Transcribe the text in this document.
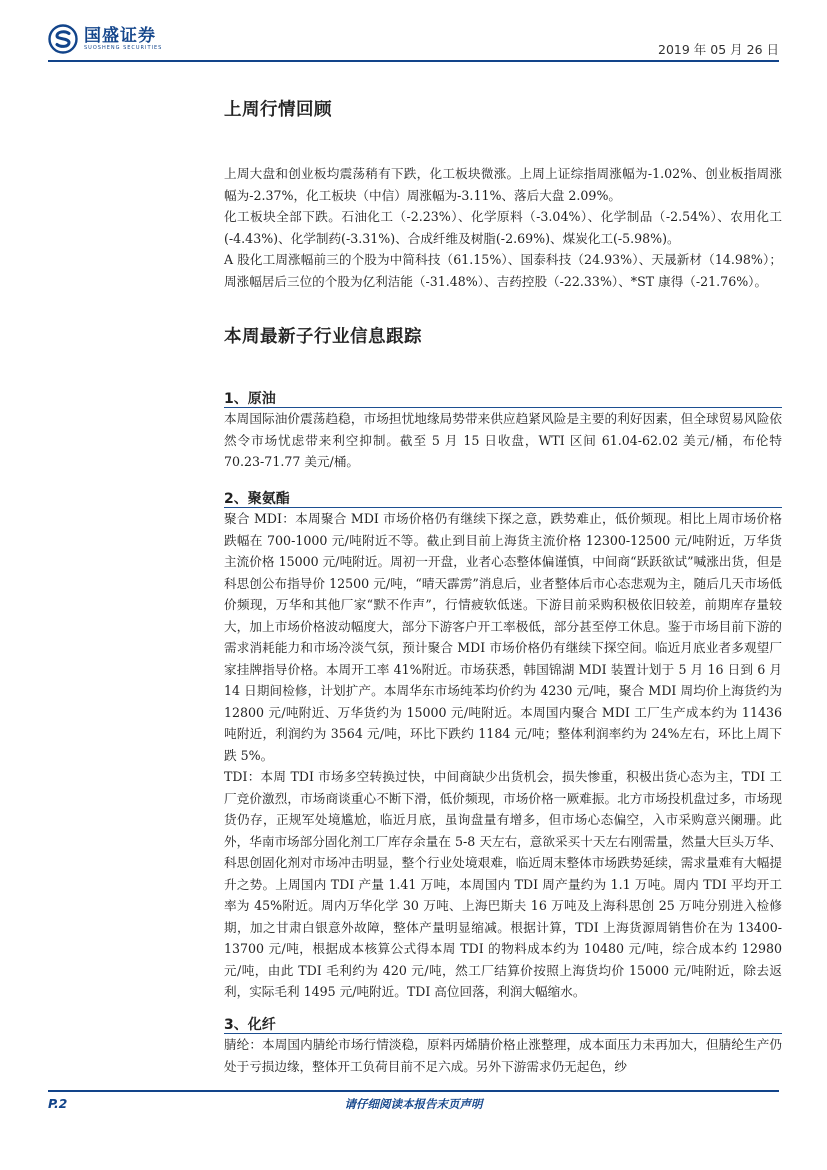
国盛证券
SUOSHENG SECURITIES	2019 年 05 月 26 日
上周行情回顾

上周大盘和创业板均震荡稍有下跌，化工板块微涨。上周上证综指周涨幅为-1.02%、创业板指周涨幅为-2.37%，化工板块（中信）周涨幅为-3.11%、落后大盘 2.09%。

化工板块全部下跌。石油化工（-2.23%）、化学原料（-3.04%）、化学制品（-2.54%）、农用化工(-4.43%)、化学制药(-3.31%)、合成纤维及树脂(-2.69%)、煤炭化工(-5.98%)。

A 股化工周涨幅前三的个股为中简科技（61.15%）、国泰科技（24.93%）、天晟新材（14.98%）；周涨幅居后三位的个股为亿利洁能（-31.48%）、吉药控股（-22.33%）、*ST 康得（-21.76%）。

本周最新子行业信息跟踪
1、原油

本周国际油价震荡趋稳，市场担忧地缘局势带来供应趋紧风险是主要的利好因素，但全球贸易风险依然令市场忧虑带来利空抑制。截至 5 月 15 日收盘，WTI 区间 61.04-62.02 美元/桶，布伦特 70.23-71.77 美元/桶。

2、聚氨酯

聚合 MDI：本周聚合 MDI 市场价格仍有继续下探之意，跌势难止，低价频现。相比上周市场价格跌幅在 700-1000 元/吨附近不等。截止到目前上海货主流价格 12300-12500 元/吨附近，万华货主流价格 15000 元/吨附近。周初一开盘，业者心态整体偏谨慎，中间商“跃跃欲试”喊涨出货，但是科思创公布指导价 12500 元/吨，“晴天霹雳”消息后，业者整体后市心态悲观为主，随后几天市场低价频现，万华和其他厂家“默不作声”，行情疲软低迷。下游目前采购积极依旧较差，前期库存量较大，加上市场价格波动幅度大，部分下游客户开工率极低，部分甚至停工休息。鉴于市场目前下游的需求消耗能力和市场冷淡气氛，预计聚合 MDI 市场价格仍有继续下探空间。临近月底业者多观望厂家挂牌指导价格。本周开工率 41%附近。市场获悉，韩国锦湖 MDI 装置计划于 5 月 16 日到 6 月 14 日期间检修，计划扩产。本周华东市场纯苯均价约为 4230 元/吨，聚合 MDI 周均价上海货约为 12800 元/吨附近、万华货约为 15000 元/吨附近。本周国内聚合 MDI 工厂生产成本约为 11436 吨附近，利润约为 3564 元/吨，环比下跌约 1184 元/吨；整体利润率约为 24%左右，环比上周下跌 5%。

TDI：本周 TDI 市场多空转换过快，中间商缺少出货机会，损失惨重，积极出货心态为主，TDI 工厂竞价激烈，市场商谈重心不断下滑，低价频现，市场价格一厥难振。北方市场投机盘过多，市场现货仍存，正规军处境尴尬，临近月底，虽询盘量有增多，但市场心态偏空，入市采购意兴阑珊。此外，华南市场部分固化剂工厂库存余量在 5-8 天左右，意欲采买十天左右刚需量，然量大巨头万华、科思创固化剂对市场冲击明显，整个行业处境艰难，临近周末整体市场跌势延续，需求量难有大幅提升之势。上周国内 TDI 产量 1.41 万吨，本周国内 TDI 周产量约为 1.1 万吨。周内 TDI 平均开工率为 45%附近。周内万华化学 30 万吨、上海巴斯夫 16 万吨及上海科思创 25 万吨分别进入检修期，加之甘肃白银意外故障，整体产量明显缩减。根据计算，TDI 上海货源周销售价在为 13400-13700 元/吨，根据成本核算公式得本周 TDI 的物料成本约为 10480 元/吨，综合成本约 12980 元/吨，由此 TDI 毛利约为 420 元/吨，然工厂结算价按照上海货均价 15000 元/吨附近，除去返利，实际毛利 1495 元/吨附近。TDI 高位回落，利润大幅缩水。

3、化纤

腈纶：本周国内腈纶市场行情淡稳，原料丙烯腈价格止涨整理，成本面压力未再加大，但腈纶生产仍处于亏损边缘，整体开工负荷目前不足六成。另外下游需求仍无起色，纱

P.2	请仔细阅读本报告末页声明
